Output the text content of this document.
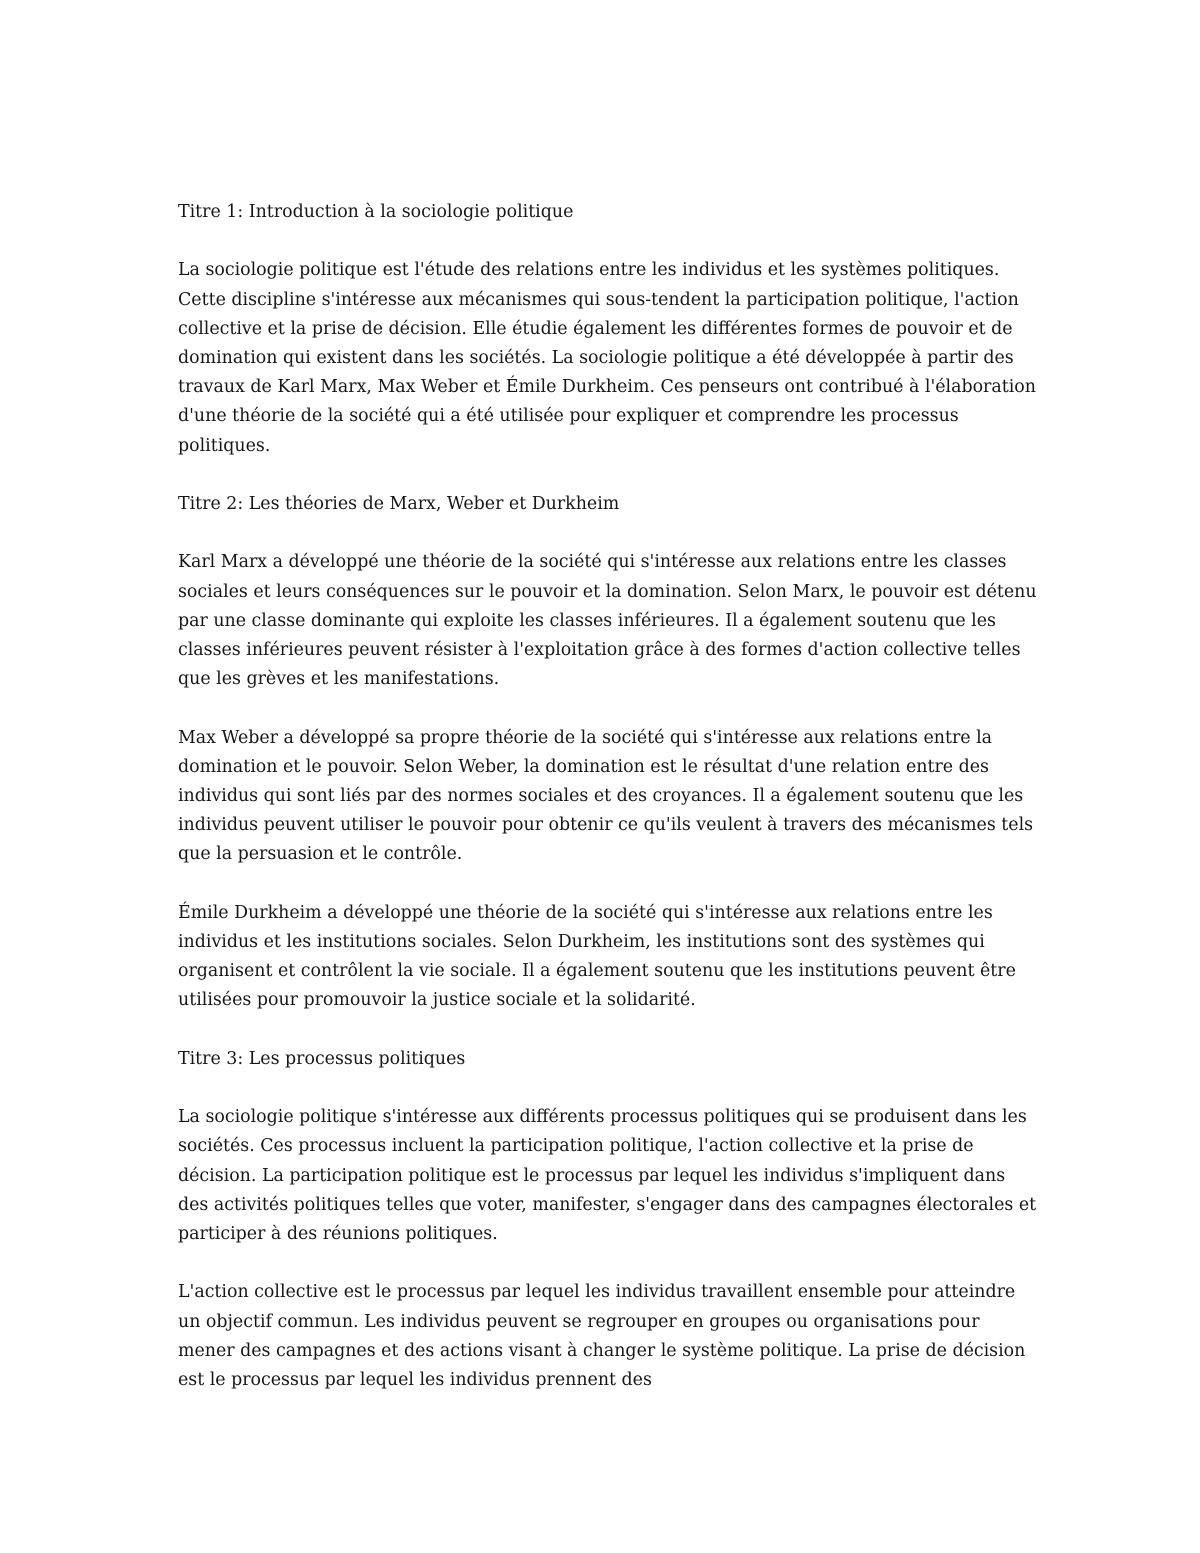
Titre 1: Introduction à la sociologie politique

La sociologie politique est l'étude des relations entre les individus et les systèmes politiques. Cette discipline s'intéresse aux mécanismes qui sous-tendent la participation politique, l'action collective et la prise de décision. Elle étudie également les différentes formes de pouvoir et de domination qui existent dans les sociétés. La sociologie politique a été développée à partir des travaux de Karl Marx, Max Weber et Émile Durkheim. Ces penseurs ont contribué à l'élaboration d'une théorie de la société qui a été utilisée pour expliquer et comprendre les processus politiques.

Titre 2: Les théories de Marx, Weber et Durkheim

Karl Marx a développé une théorie de la société qui s'intéresse aux relations entre les classes sociales et leurs conséquences sur le pouvoir et la domination. Selon Marx, le pouvoir est détenu par une classe dominante qui exploite les classes inférieures. Il a également soutenu que les classes inférieures peuvent résister à l'exploitation grâce à des formes d'action collective telles que les grèves et les manifestations.

Max Weber a développé sa propre théorie de la société qui s'intéresse aux relations entre la domination et le pouvoir. Selon Weber, la domination est le résultat d'une relation entre des individus qui sont liés par des normes sociales et des croyances. Il a également soutenu que les individus peuvent utiliser le pouvoir pour obtenir ce qu'ils veulent à travers des mécanismes tels que la persuasion et le contrôle.

Émile Durkheim a développé une théorie de la société qui s'intéresse aux relations entre les individus et les institutions sociales. Selon Durkheim, les institutions sont des systèmes qui organisent et contrôlent la vie sociale. Il a également soutenu que les institutions peuvent être utilisées pour promouvoir la justice sociale et la solidarité.

Titre 3: Les processus politiques

La sociologie politique s'intéresse aux différents processus politiques qui se produisent dans les sociétés. Ces processus incluent la participation politique, l'action collective et la prise de décision. La participation politique est le processus par lequel les individus s'impliquent dans des activités politiques telles que voter, manifester, s'engager dans des campagnes électorales et participer à des réunions politiques.

L'action collective est le processus par lequel les individus travaillent ensemble pour atteindre un objectif commun. Les individus peuvent se regrouper en groupes ou organisations pour mener des campagnes et des actions visant à changer le système politique. La prise de décision est le processus par lequel les individus prennent des
